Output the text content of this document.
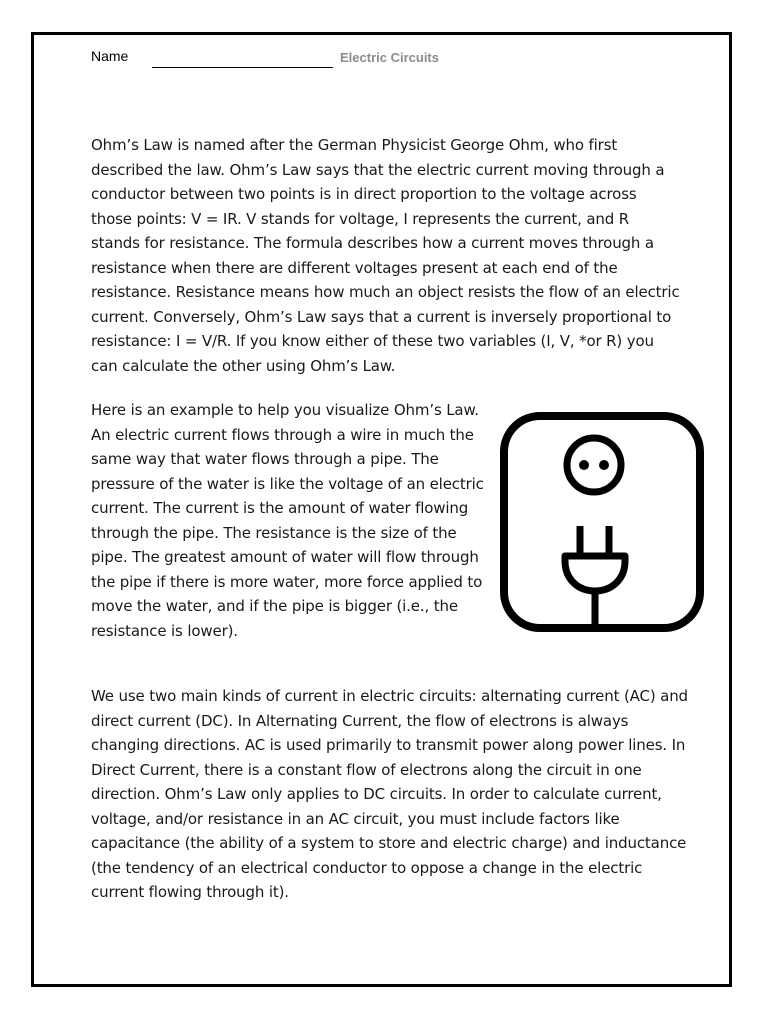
Name	Electric Circuits

Ohm’s Law is named after the German Physicist George Ohm, who first described the law. Ohm’s Law says that the electric current moving through a conductor between two points is in direct proportion to the voltage across those points: V = IR. V stands for voltage, I represents the current, and R stands for resistance. The formula describes how a current moves through a resistance when there are different voltages present at each end of the resistance. Resistance means how much an object resists the flow of an electric current. Conversely, Ohm’s Law says that a current is inversely proportional to resistance: I = V/R. If you know either of these two variables (I, V, *or R) you can calculate the other using Ohm’s Law.

Here is an example to help you visualize Ohm’s Law. An electric current flows through a wire in much the same way that water flows through a pipe. The pressure of the water is like the voltage of an electric current. The current is the amount of water flowing through the pipe. The resistance is the size of the pipe. The greatest amount of water will flow through the pipe if there is more water, more force applied to move the water, and if the pipe is bigger (i.e., the resistance is lower).

We use two main kinds of current in electric circuits: alternating current (AC) and direct current (DC). In Alternating Current, the flow of electrons is always changing directions. AC is used primarily to transmit power along power lines. In Direct Current, there is a constant flow of electrons along the circuit in one direction. Ohm’s Law only applies to DC circuits. In order to calculate current, voltage, and/or resistance in an AC circuit, you must include factors like capacitance (the ability of a system to store and electric charge) and inductance (the tendency of an electrical conductor to oppose a change in the electric current flowing through it).
